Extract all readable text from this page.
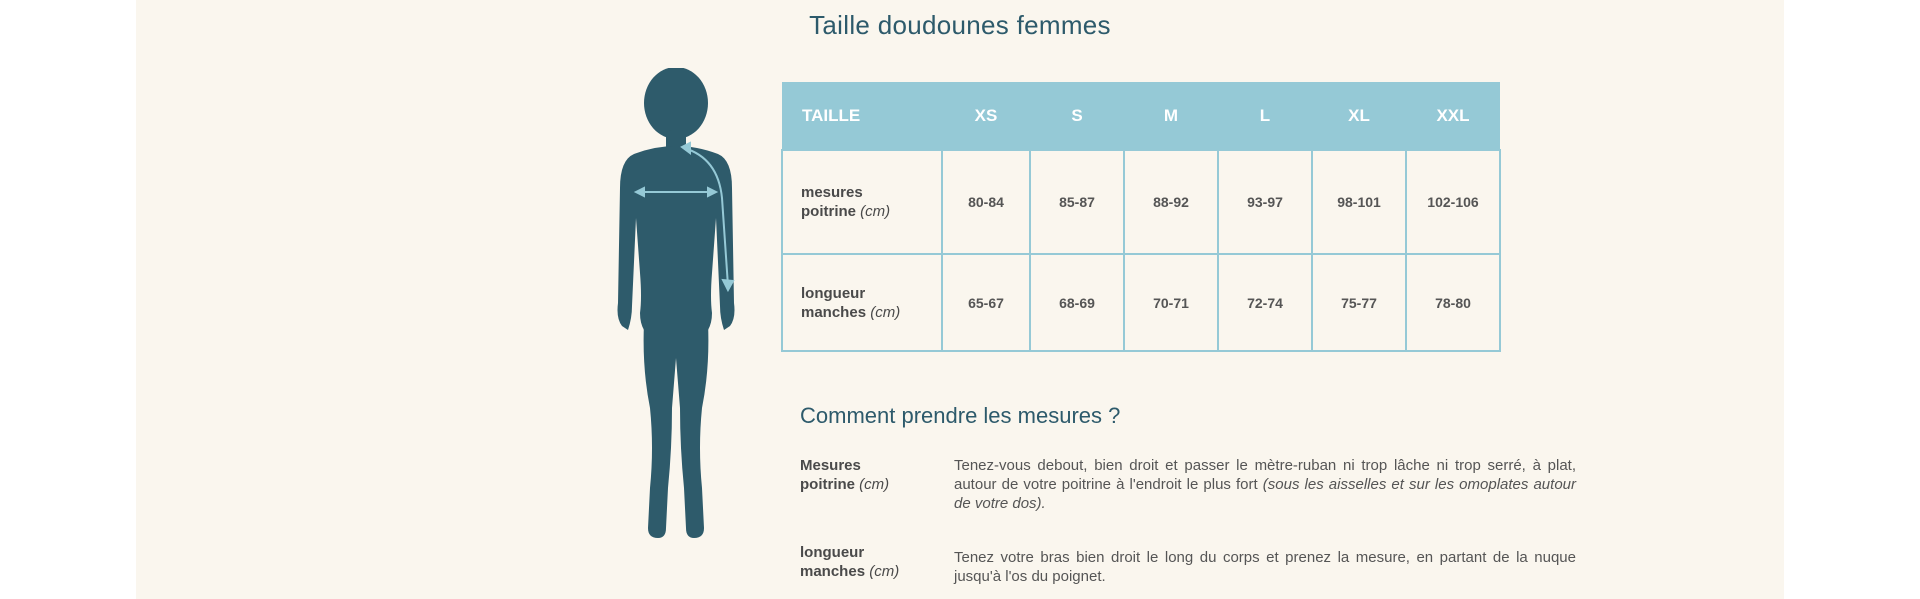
Taille doudounes femmes
TAILLE	XS	S	M	L	XL	XXL
mesures
poitrine (cm)	80-84	85-87	88-92	93-97	98-101	102-106
longueur
manches (cm)	65-67	68-69	70-71	72-74	75-77	78-80
Comment prendre les mesures ?
Mesures
poitrine (cm)
Tenez-vous debout, bien droit et passer le mètre-ruban ni trop lâche ni trop serré, à plat, autour de votre poitrine à l'endroit le plus fort (sous les aisselles et sur les omoplates autour de votre dos).
longueur
manches (cm)
Tenez votre bras bien droit le long du corps et prenez la mesure, en partant de la nuque jusqu'à l'os du poignet.
